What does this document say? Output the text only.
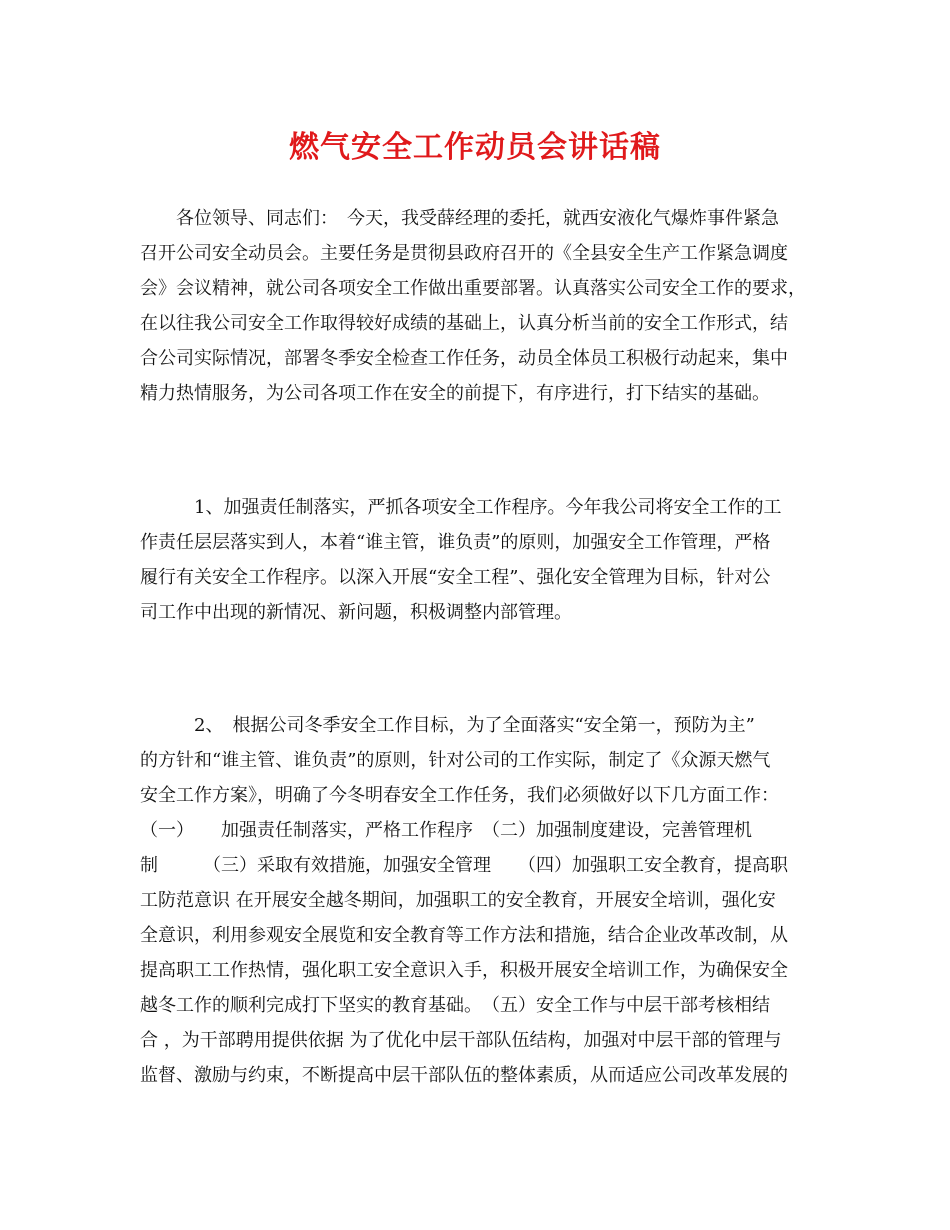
燃气安全工作动员会讲话稿
　　各位领导、同志们：　今天，我受薛经理的委托，就西安液化气爆炸事件紧急
召开公司安全动员会。主要任务是贯彻县政府召开的《全县安全生产工作紧急调度
会》会议精神，就公司各项安全工作做出重要部署。认真落实公司安全工作的要求，
在以往我公司安全工作取得较好成绩的基础上，认真分析当前的安全工作形式，结
合公司实际情况，部署冬季安全检查工作任务，动员全体员工积极行动起来，集中
精力热情服务，为公司各项工作在安全的前提下，有序进行，打下结实的基础。
　　　1、加强责任制落实，严抓各项安全工作程序。今年我公司将安全工作的工
作责任层层落实到人，本着“谁主管，谁负责”的原则，加强安全工作管理，严格
履行有关安全工作程序。以深入开展“安全工程”、强化安全管理为目标，针对公
司工作中出现的新情况、新问题，积极调整内部管理。
　　　2、　根据公司冬季安全工作目标，为了全面落实“安全第一，预防为主”
的方针和“谁主管、谁负责”的原则，针对公司的工作实际，制定了《众源天燃气
安全工作方案》，明确了今冬明春安全工作任务，我们必须做好以下几方面工作：
（一）　　加强责任制落实，严格工作程序　（二）加强制度建设，完善管理机
制　　　（三）采取有效措施，加强安全管理　　（四）加强职工安全教育，提高职
工防范意识 在开展安全越冬期间，加强职工的安全教育，开展安全培训，强化安
全意识，利用参观安全展览和安全教育等工作方法和措施，结合企业改革改制，从
提高职工工作热情，强化职工安全意识入手，积极开展安全培训工作，为确保安全
越冬工作的顺利完成打下坚实的教育基础。　（五）安全工作与中层干部考核相结
合 ，为干部聘用提供依据 为了优化中层干部队伍结构，加强对中层干部的管理与
监督、激励与约束，不断提高中层干部队伍的整体素质，从而适应公司改革发展的
